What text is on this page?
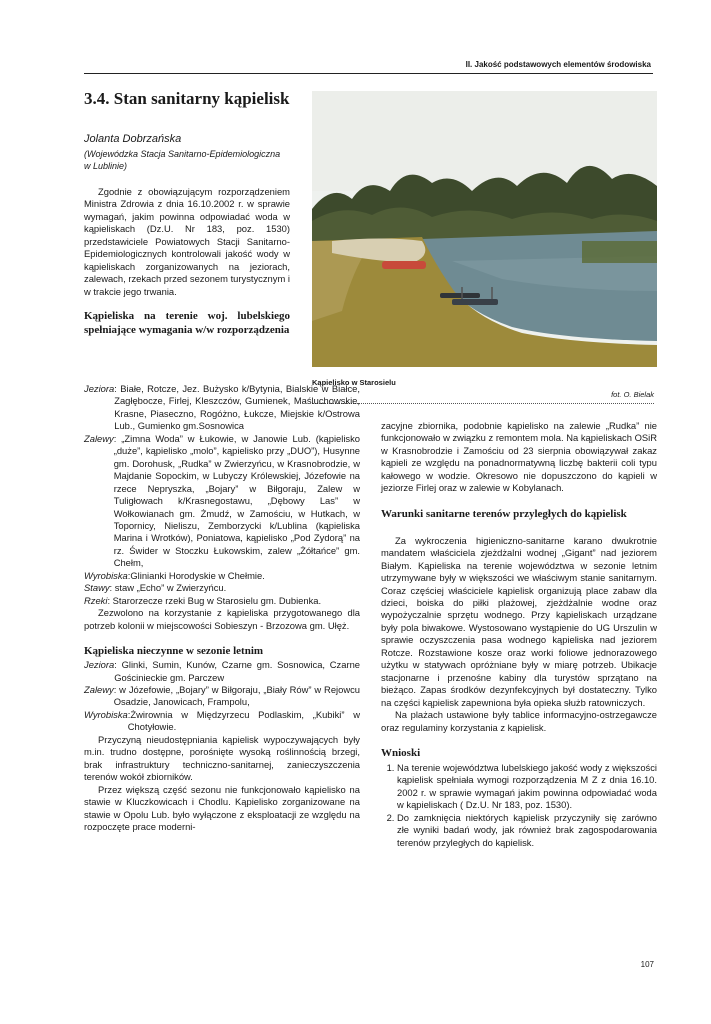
II. Jakość podstawowych elementów środowiska
3.4. Stan sanitarny kąpielisk
Jolanta Dobrzańska
(Wojewódzka Stacja Sanitarno-Epidemiologiczna w Lublinie)

Zgodnie z obowiązującym rozporządzeniem Ministra Zdrowia z dnia 16.10.2002 r. w sprawie wymagań, jakim powinna odpowiadać woda w kąpieliskach (Dz.U. Nr 183, poz. 1530) przedstawiciele Powiatowych Stacji Sanitarno-Epidemiologicznych kontrolowali jakość wody w kąpieliskach zorganizowanych na jeziorach, zalewach, rzekach przed sezonem turystycznym i w trakcie jego trwania.

Kąpieliska na terenie woj. lubelskiego spełniające wymagania w/w rozporządzenia

Kąpielisko w Starosielu
fot. O. Bielak
Jeziora : Białe, Rotcze, Jez. Bużysko k/Bytynia, Bialskie w Białce, Zagłębocze, Firlej, Kleszczów, Gumienek, Maśluchowskie, Krasne, Piaseczno, Rogóżno, Łukcze, Miejskie k/Ostrowa Lub., Gumienko gm.Sosnowica
Zalewy : „Zimna Woda” w Łukowie, w Janowie Lub. (kąpielisko „duże”, kąpielisko „molo”, kąpielisko przy „DUO”), Husynne gm. Dorohusk, „Rudka” w Zwierzyńcu, w Krasnobrodzie, w Majdanie Sopockim, w Lubyczy Królewskiej, Józefowie na rzece Nepryszka, „Bojary” w Biłgoraju, Zalew w Tuligłowach k/Krasnegostawu, „Dębowy Las” w Wołkowianach gm. Żmudź, w Zamościu, w Hutkach, w Topornicy, Nieliszu, Zemborzycki k/Lublina (kąpieliska Marina i Wrotków), Poniatowa, kąpielisko „Pod Zydorą” na rz. Świder w Stoczku Łukowskim, zalew „Żółtańce” gm. Chełm,
Wyrobiska :Glinianki Horodyskie w Chełmie.
Stawy : staw „Echo” w Zwierzyńcu.
Rzeki : Starorzecze rzeki Bug w Starosielu gm. Dubienka.

Zezwolono na korzystanie z kąpieliska przygotowanego dla potrzeb kolonii w miejscowości Sobieszyn - Brzozowa gm. Ułęż.

Kąpieliska nieczynne w sezonie letnim

Jeziora : Glinki, Sumin, Kunów, Czarne gm. Sosnowica, Czarne Gościnieckie gm. Parczew
Zalewy : w Józefowie, „Bojary” w Biłgoraju, „Biały Rów” w Rejowcu Osadzie, Janowicach, Frampolu,
Wyrobiska :Żwirownia w Międzyrzecu Podlaskim, „Kubiki” w Chotyłowie.

Przyczyną nieudostępniania kąpielisk wypoczywających były m.in. trudno dostępne, porośnięte wysoką roślinnością brzegi, brak infrastruktury techniczno-sanitarnej, zanieczyszczenia terenów wokół zbiorników.

Przez większą część sezonu nie funkcjonowało kąpielisko na stawie w Kluczkowicach i Chodlu. Kąpielisko zorganizowane na stawie w Opolu Lub. było wyłączone z eksploatacji ze względu na rozpoczęte prace moderni-

zacyjne zbiornika, podobnie kąpielisko na zalewie „Rudka” nie funkcjonowało w związku z remontem mola. Na kąpieliskach OSiR w Krasnobrodzie i Zamościu od 23 sierpnia obowiązywał zakaz kąpieli ze względu na ponadnormatywną liczbę bakterii coli typu kałowego w wodzie. Okresowo nie dopuszczono do kąpieli w jeziorze Firlej oraz w zalewie w Kobylanach.

Warunki sanitarne terenów przyległych do kąpielisk

Za wykroczenia higieniczno-sanitarne karano dwukrotnie mandatem właściciela zjeżdżalni wodnej „Gigant” nad jeziorem Białym. Kąpieliska na terenie województwa w sezonie letnim utrzymywane były w większości we właściwym stanie sanitarnym. Coraz częściej właściciele kąpielisk organizują place zabaw dla dzieci, boiska do piłki plażowej, zjeżdżalnie wodne oraz wypożyczalnie sprzętu wodnego. Przy kąpieliskach urządzane były pola biwakowe. Wystosowano wystąpienie do UG Urszulin w sprawie oczyszczenia pasa wodnego kąpieliska nad jeziorem Rotcze. Rozstawione kosze oraz worki foliowe jednorazowego użytku w statywach opróżniane były w miarę potrzeb. Ubikacje stacjonarne i przenośne kabiny dla turystów sprzątano na bieżąco. Zapas środków dezynfekcyjnych był dostateczny. Tylko na części kąpielisk zapewniona była opieka służb ratowniczych.

Na plażach ustawione były tablice informacyjno-ostrzegawcze oraz regulaminy korzystania z kąpielisk.

Wnioski

1. Na terenie województwa lubelskiego jakość wody z większości kąpielisk spełniała wymogi rozporządzenia M Z z dnia 16.10. 2002 r. w sprawie wymagań jakim powinna odpowiadać woda w kąpieliskach ( Dz.U. Nr 183, poz. 1530).
2. Do zamknięcia niektórych kąpielisk przyczyniły się zarówno złe wyniki badań wody, jak również brak zagospodarowania terenów przyległych do kąpielisk.
107
